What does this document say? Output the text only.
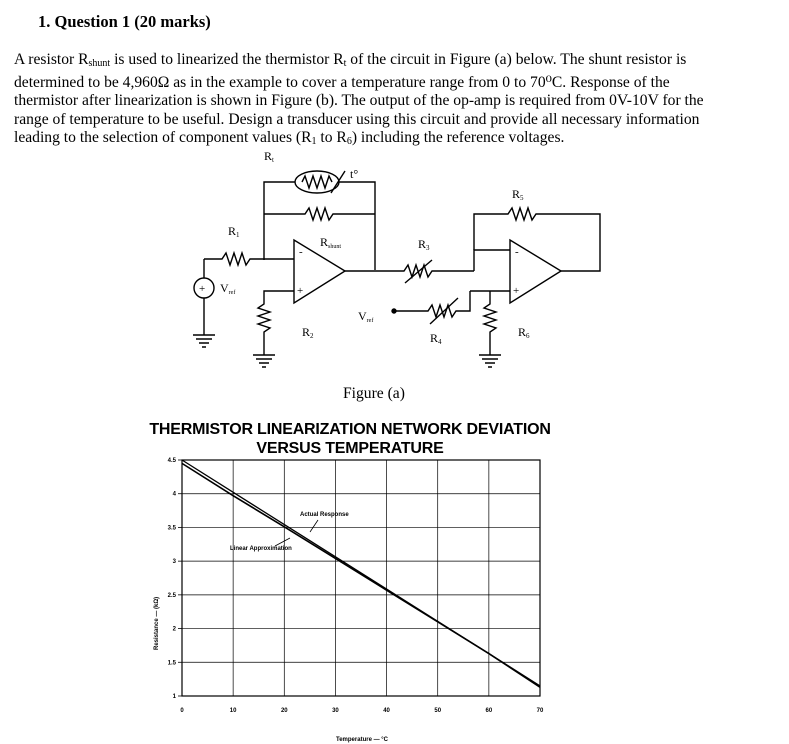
1. Question 1 (20 marks)
A resistor $R_{shunt}$ is used to linearized the thermistor $R_t$ of the circuit in Figure (a) below. The shunt resistor is
determined to be 4,960Ω as in the example to cover a temperature range from 0 to 70⁰C. Response of the
thermistor after linearization is shown in Figure (b). The output of the op-amp is required from 0V-10V for the
range of temperature to be useful. Design a transducer using this circuit and provide all necessary information
leading to the selection of component values ($R_1$ to $R_6$) including the reference voltages.
Rt
t°
R1	Rshunt	R3
R5
+ Vref
-
+
R2
Vref
R4
-
+
R6
Figure (a)
THERMISTOR LINEARIZATION NETWORK DEVIATION
VERSUS TEMPERATURE
0	10	20	30	40	50	60	70
1
1.5
2
2.5
3
3.5
4
4.5
Actual Response
Linear Approximation
Resistance — (kΩ)
Temperature — °C
